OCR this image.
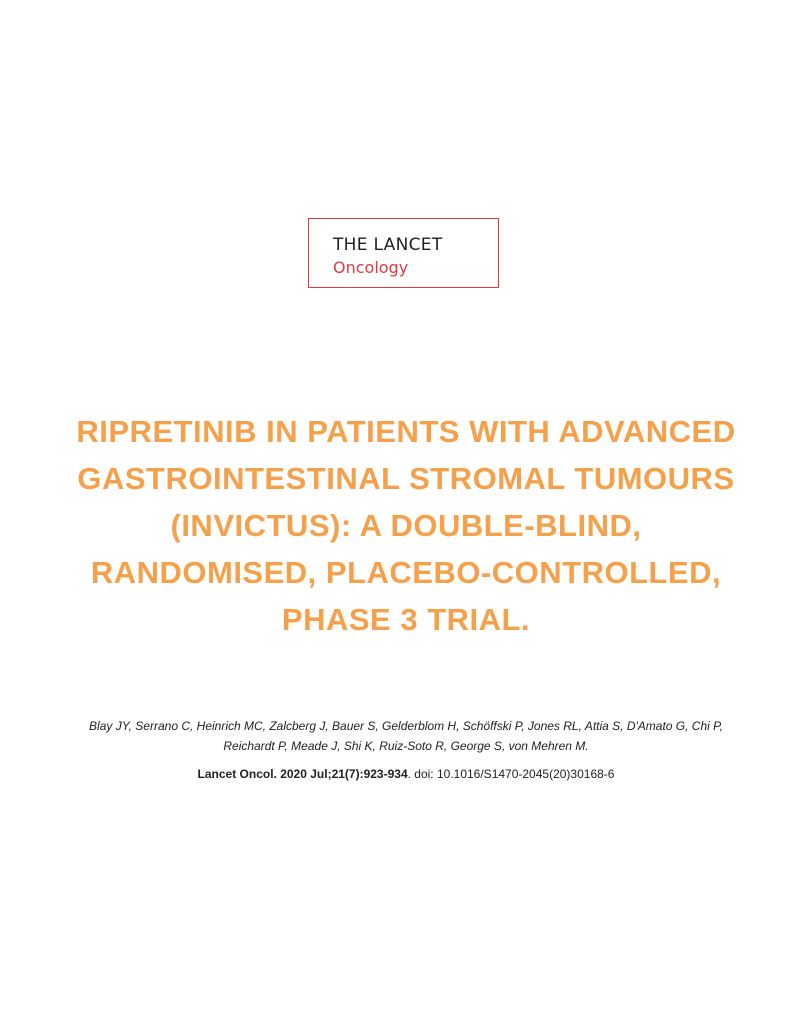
THE LANCET
Oncology
RIPRETINIB IN PATIENTS WITH ADVANCED
GASTROINTESTINAL STROMAL TUMOURS
(INVICTUS): A DOUBLE-BLIND,
RANDOMISED, PLACEBO-CONTROLLED,
PHASE 3 TRIAL.

Blay JY, Serrano C, Heinrich MC, Zalcberg J, Bauer S, Gelderblom H, Schöffski P, Jones RL, Attia S, D'Amato G, Chi P,
Reichardt P, Meade J, Shi K, Ruiz-Soto R, George S, von Mehren M.

Lancet Oncol. 2020 Jul;21(7):923-934. doi: 10.1016/S1470-2045(20)30168-6
